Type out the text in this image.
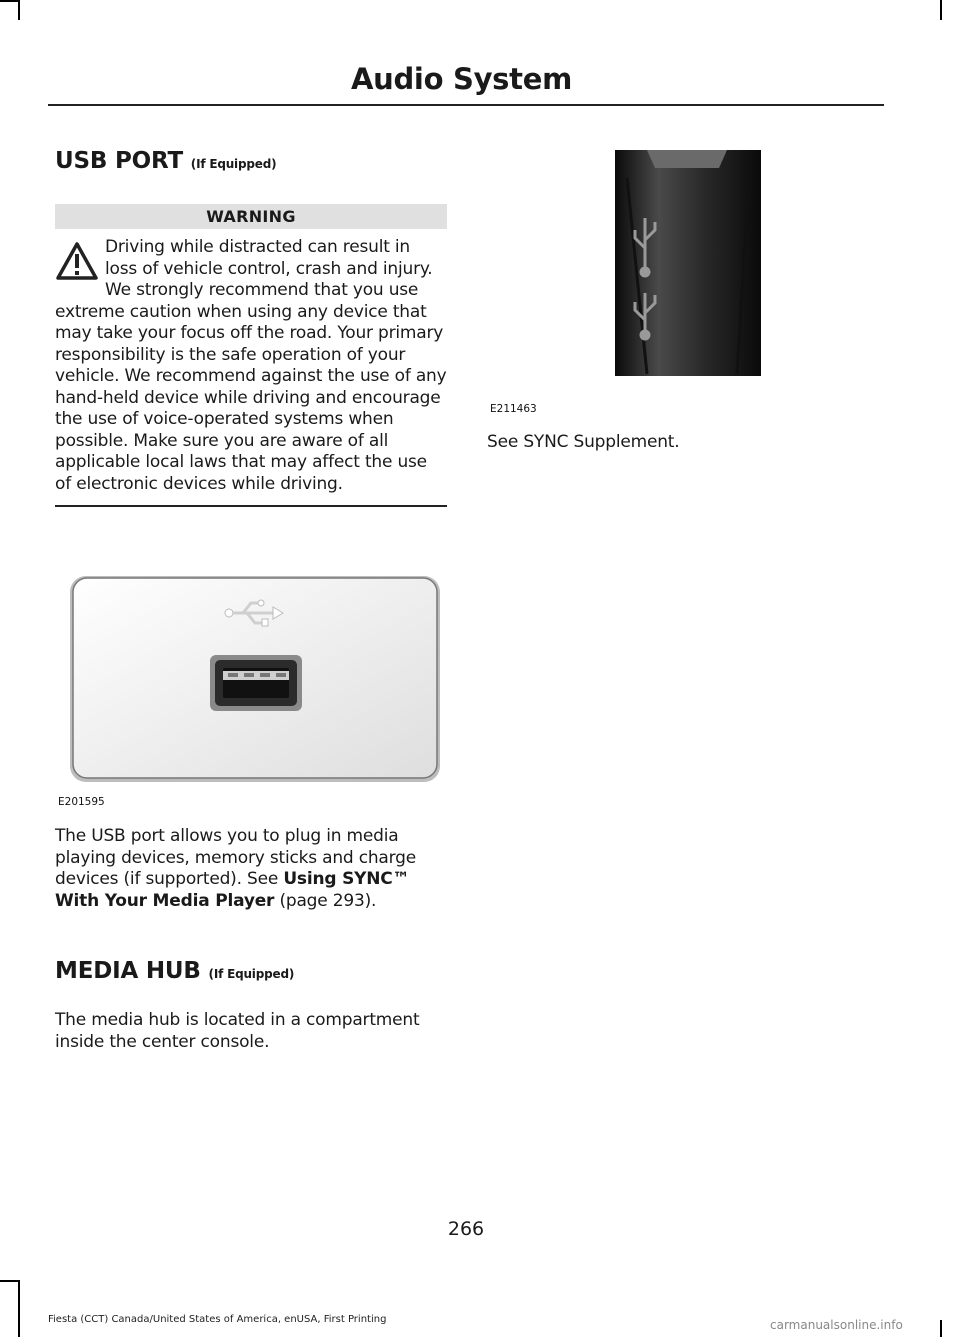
Audio System
USB PORT (If Equipped)
WARNING
Driving while distracted can result in loss of vehicle control, crash and injury. We strongly recommend that you use extreme caution when using any device that may take your focus off the road. Your primary responsibility is the safe operation of your vehicle. We recommend against the use of any hand-held device while driving and encourage the use of voice-operated systems when possible. Make sure you are aware of all applicable local laws that may affect the use of electronic devices while driving.
E201595

The USB port allows you to plug in media playing devices, memory sticks and charge devices (if supported). See Using SYNC™ With Your Media Player (page 293).

MEDIA HUB (If Equipped)

The media hub is located in a compartment inside the center console.

E211463

See SYNC Supplement.

266
Fiesta (CCT) Canada/United States of America, enUSA, First Printing	carmanualsonline.info
